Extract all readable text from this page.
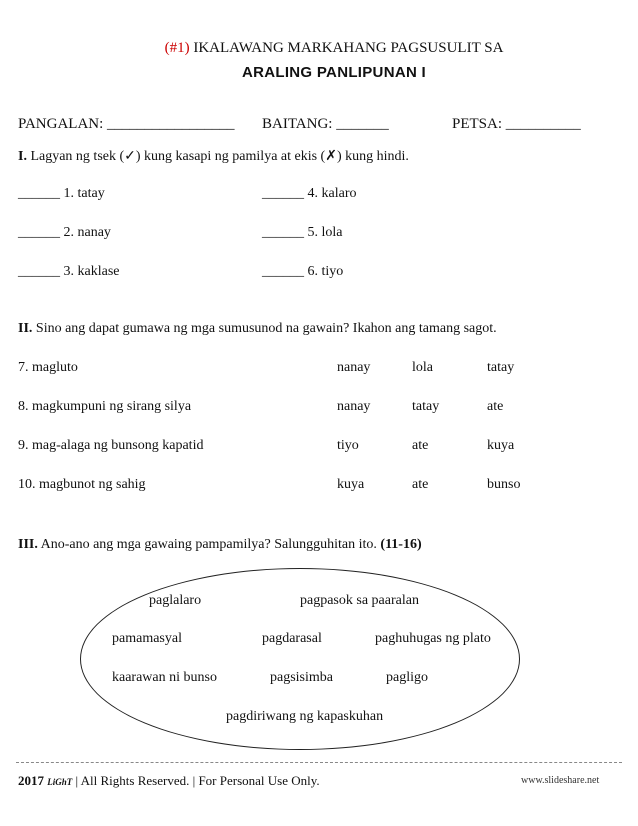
(#1) IKALAWANG MARKAHANG PAGSUSULIT SA
ARALING PANLIPUNAN I
PANGALAN: _________________ BAITANG: _______	PETSA: __________
I. Lagyan ng tsek (✓) kung kasapi ng pamilya at ekis (✗) kung hindi.
______ 1. tatay
______ 2. nanay
______ 3. kaklase
______ 4. kalaro
______ 5. lola
______ 6. tiyo
II. Sino ang dapat gumawa ng mga sumusunod na gawain? Ikahon ang tamang sagot.
7. magluto	nanay	lola	tatay
8. magkumpuni ng sirang silya	nanay	tatay	ate
9. mag-alaga ng bunsong kapatid	tiyo	ate	kuya
10. magbunot ng sahig	kuya	ate	bunso
III. Ano-ano ang mga gawaing pampamilya? Salungguhitan ito. (11-16)
paglalaro	pagpasok sa paaralan
pamamasyal	pagdarasal	paghuhugas ng plato
kaarawan ni bunso	pagsisimba	pagligo
pagdiriwang ng kapaskuhan
2017 LiGhT | All Rights Reserved. | For Personal Use Only.	www.slideshare.net
